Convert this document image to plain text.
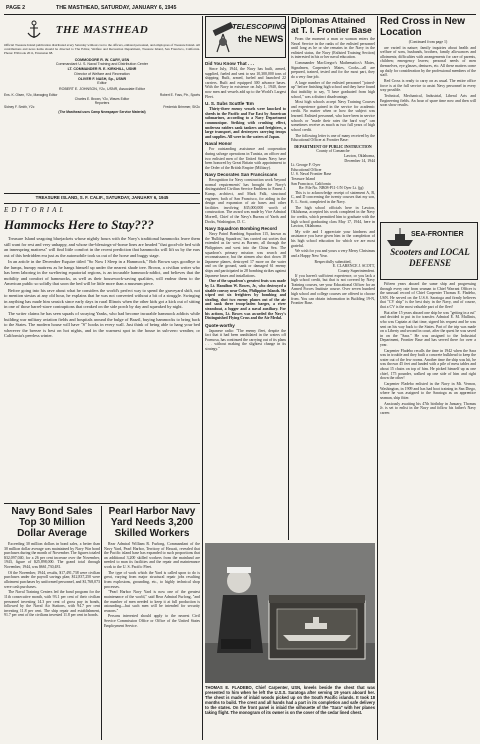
PAGE 2	THE MASTHEAD, SATURDAY, JANUARY 6, 1945
THE MASTHEAD
Official Treasure Island publication distributed every Saturday without cost to the officers, enlisted personnel, and employees of Treasure Island. All contributions and news items should be directed to The Editor, Welfare and Recreation Department, Treasure Island, San Francisco, California. Phone: EXbrook 2011, Extension 68.
COMMODORE R. W. CARY, USN
Commandant U. S. Naval Training and Distribution Center
LT. COMMANDER R. E. KIRKHILL, USNR
Director of Welfare and Recreation
OLIVER F. NASH, Sp., USNR
Editor
ROBERT E. JOHNSON, Y2c, USNR, Associate Editor
Ens. K. Olsen, Y2c, Managing Editor	Robert E. Foss, Ptr., Sports
Charles E. Brown, Y2c, Waves Editor
Reporters
Sidney F. Smith, Y2c	Frederick Brimmer, SK2c
(The Masthead uses Camp Newspaper Service Material)
TREASURE ISLAND, S. F. CALIF., SATURDAY, JANUARY 6, 1945
EDITORIAL
Hammocks Here to Stay???

Treasure Island seagoing bluejackets whose nightly hours with the Navy's traditional hammocks leave them still want for rest and very unhappy, and whose the-blessings-of-home lines are headed "that good-ole bed with an innerspring mattress" will find little comfort in the recent prediction that hammocks will lift us by the ears out of this bedridden era just as the automobile took us out of the horse and buggy stage.

In an article in the December Esquire titled "So Now I Sleep in a Hammock," Bob Brown says goodbye to the lumps, bumpy mattress as he hangs himself up under the nearest shade tree. Brown, a civilian writer who has been laboring in the sweltering equatorial regions, is an incurable hammock-addict, and believes that the mobility and comfort of hammocks, as well as their housework-saving qualities, will endear them to the American public so solidly that soon the bed will be little more than a museum piece.

Before going into his rave about what he considers the world's perfect way to spend the graveyard shift, not to mention siestas at any old hour, he explains that he was not converted without a bit of a struggle. Swinging in anything has made him seasick since early days in rural Illinois when the other kids got a kick out of sitting in one of those barrel-stave contraptions that creaked on the side porch by day and squeaked by night.

The writer claims he has seen squads of swaying Yanks, who had become incurable hammock addicts while building war military aviation fields and hospitals around the bulge of Brazil, buying hammocks to bring back to the States. The modern house will have "S" hooks in every wall. Just think of being able to hang your bed wherever the breeze is best on hot nights, and in the warmest spot in the house in sub-zero weather, or California's peerless winter.

Navy Bond Sales Top 30 Million Dollar Average

Exceeding 30 million dollars in bond sales, a better than 30 million dollar average was maintained by Navy War bond purchases during the month of November. The figures totaled $32,097,040, for a 26 per cent increase over the November, 1943, figure of $25,898,000. The grand total through November, 1944, was $661,730,481.

Of the November, 1944, results, $17,491,738 were civilian purchases under the payroll savings plan; $12,837,250 were allotment purchases by uniformed personnel, and $1,768,073 were cash purchases.

The Naval Training Centers led the bond program for the 11th consecutive month, with 93.1 per cent of their civilian personnel investing 14.3 per cent of gross pay in bonds, followed by the Naval Air Stations, with 94.7 per cent investing 11.8 per cent. The ship repair and establishment, 91.7 per cent of the civilians invested 11.8 per cent in bonds.

Pearl Harbor Navy Yard Needs 3,200 Skilled Workers

Rear Admiral William R. Furlong, Commandant of the Navy Yard, Pearl Harbor, Territory of Hawaii, revealed that the Pacific island base has expanded to such proportions that an additional 3,200 skilled workers from the mainland are needed to man its facilities and the repair and maintenance work to the U. S. Pacific Fleet.

The type of work which the Yard is called upon to do is great, varying from major structural repair jobs resulting from explosions, grounding, etc., to highly technical shop processes.

"Pearl Harbor Navy Yard is now one of the greatest maintenance of the world," said Rear Admiral Furlong, "and the number of men needed to keep it at full production is astounding—but such men will be intended for security reasons."

Persons interested should apply to the nearest Civil Service Commission Office or Office of the United States Employment Service.

TELESCOPING
the NEWS
Did You Know That . . .

Since July, 1944, the Navy has built, armed, supplied, fueled and sent to sea 10,300,000 tons of shipping. Built, armed, fueled and launched 22 carriers. Built and equipped 300 advance bases. With the Navy in existence on July 1, 1940, there now men and vessels add up to the World's Largest Fleet.

U. S. Subs Scuttle 'Em

Thirty-three enemy vessels were knocked to shreds in the Pacific and Far East by American submarines, according to a Navy Department communique. Striking with crushing effect, undersea raiders sank tankers and freighters, a large transport, and destroyers carrying troops and supplies. All were in the waters of Japan.

Naval Honor

For outstanding assistance and cooperation during salvage operations in Tunisia, an officer and two enlisted men of the United States Navy have been honored by Great Britain with appointment to the Order of the British Empire (Military).

Navy Decorates San Franciscans

Recognition for Navy construction work 'beyond normal requirements' has brought the Navy's distinguished Civilian Service Emblem to Ernest J. Kump, architect, and Mark Falk, structural engineer, both of San Francisco, for aiding in the design and expansion of air bases and other facilities involving $35,000,000 worth of construction. The award was made by Vice Admiral Moreell, Chief of the Navy's Bureau of Yards and Docks, Washington, D. C.

Navy Squadron Bombing Record

Navy Patrol Bombing Squadron 115, known as the 'Bulldog Squadron,' has carried out sorties that extended as far west as Borneo, all through the Philippines and west into the China Sea. The squadron's primary mission was search and reconnaissance, but the airmen also shot down 18 Japanese planes, destroyed 17 more on the water and on the ground, sank or damaged 61 enemy ships and participated in 28 bombing strikes against Japanese bases and installations.

One of the squadron's greatest feats was made by Lt. Hamilton W. Bowes, Jr., who destroyed a sizable convoy near Cebu, Philippine Islands. He wiped out six freighters by bombing and strafing, shot two enemy planes out of the air and sank three troop-laden barges, a river steamboat, a lugger and a naval auxiliary. For his actions, Lt. Bowes was awarded the Navy's Distinguished Flying Cross and the Air Medal.

Quote-worthy

Japanese radio: "The enemy fleet, despite the fact that it had been annihilated in the waters off Formosa, has continued the carrying out of its plans . . . without making the slightest change in its strategy."

Diplomas Attained at T. I. Frontier Base

From the moment a man or woman enters the Naval Service in the ranks of the enlisted personnel until long as he or she remains in the Navy in the enlisted status, the Navy (Enlisted Training Section) is interested in his or her naval education.

Commander MacGregor's Mathematics's Mates, Signalmen, Carpenter's Mates, Cooks—all are prepared, trained, tested and for the most part, they do a very fine job.

A large number of the enlisted personnel "joined-up" before finishing high school and they have found that inability to say, "I have graduated from high school," was a distinct disadvantage.

Most high schools accept Navy Training Courses and experience gained in the service for academic credit. No matter when or how the subject was learned. Enlisted personnel, who have been in service schools or "made their rates the hard way" can sometimes receive as much as two full years of high school credit.

The following letter is one of many received by the Educational Officer at Frontier Base:

DEPARTMENT OF PUBLIC INSTRUCTION
County of Comanche
Lawton, Oklahoma,
December 14, 1944
Lt. George F. Oyer
Educational Officer
U. S. Naval Frontier Base
Treasure Island
San Francisco, California
Re: File No. NB08-P11-1/N Oyer Lt. (jg)

This is to acknowledge receipt of statement A, B, C, and D concerning the twenty courses that my son, E. L. Scott, completed in the Navy.

The high school officials here in Lawton, Oklahoma, accepted his work completed in the Navy for credits, which permitted him to graduate with the high school graduating class May 17, 1944, here in Lawton, Oklahoma.

My wife and I appreciate your kindness and assistance you have given him in the completion of his high school education for which we are most grateful.

We wish for you and yours a very Merry Christmas and a Happy New Year.

Respectfully submitted,
E. CLARENCE J. SCOTT,
County Superintendent.

If you haven't sufficient experience, or you lack a high school credit, but that is not covered by Navy Training courses, see your Educational Officer for an Armed Forces Institute course. Over seven hundred high school and college courses are offered to choose from. You can obtain information in Building 19-N, Frontier Base.

THOMAS E. FLADEBO, Chief Carpenter, USN, kneels beside the chest that was presented to him when he left the U.S.S. Saratoga after serving 19 years aboard her. The chest is made of inlaid woods picked up on the South Pacific islands. It took 18 months to build. The crest and all hands had a part in its completion and safe delivery to the states. On the front panel is inlaid the silhouette of the "Sara" with her planes taking flight. The monogram of its owner is on the cover of the cedar lined chest.
Red Cross in New Location
(Continued from page 1)

are varied in nature; family inquiries about health and welfare of sons, husbands, brothers, family allowances and allotments; difficulties with arrangements for care of parents, children; emergency leaves; personal needs of men themselves, eye glasses, dentures, etc. All these matters come up daily for consideration by the professional members of the staff.

Red Cross is ready to carry on as usual. The entire office force is at the full service to assist Navy personnel in every way possible.

Technical, Mechanical, Industrial, Liberal Arts and Engineering fields. An hour of spare time now and then will soon show results.

SEA-FRONTIER
Scooters and LOCAL DEFENSE

Fifteen years aboard the same ship and progressing through every rate from seaman to Chief Warrant Officer is the unusual record of Chief Carpenter Thomas E. Fladebo, USN. He served on the U.S.S. Saratoga and firmly believes that "CV ship" is the best duty in the Navy, and of course, that a CV is the most valuable part of the fleet!

But after 15 years aboard one ship he was "getting in a rut" and decided to put in for transfer. Admiral E. M. Mullinix, who was Captain at that time, signed his request and he was sent on his way back to the States. Part of the trip was made on a Liberty and second in court, after the quest he was saved in on the "Sara." He was assigned to the Industrial Department, Frontier Base and has served there for over a year.

Carpenter Fladebo recalls the time in 1942 when the Sara was in trouble and they built a concrete bulkhead to keep the water out of the few rooms. Another time the ship was hit, he was thrown 45 feet and landed with a pile of mess tables and about 15 chairs on top of him. He picked himself up as one chief, 175 pounder, walked up one side of him and right down the other!

Carpenter Fladebo enlisted in the Navy in Mt. Vernon, Washington, in 1909 and has had boot training in San Diego, where he was assigned to the Saratoga as an apprentice seaman, ship fitter.

Anxiously awaiting his 47th birthday in January, Thomas Jr. is set to enlist in the Navy and follow his father's Navy career.
